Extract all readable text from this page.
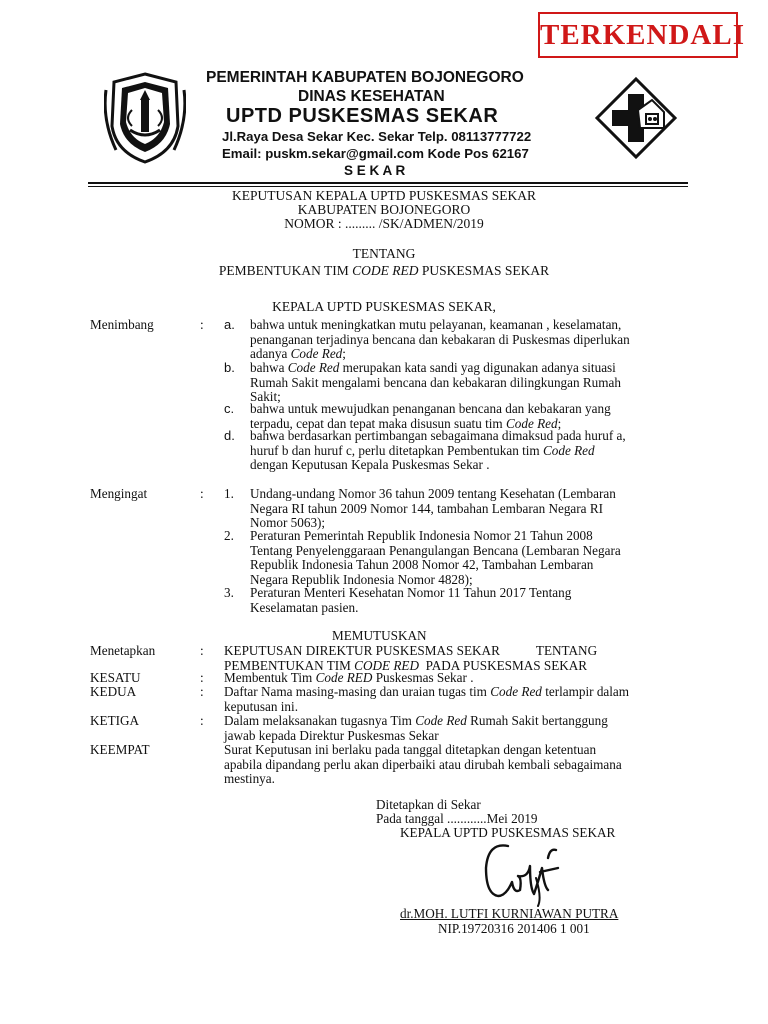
TERKENDALI
PEMERINTAH KABUPATEN BOJONEGORO
DINAS KESEHATAN
UPTD PUSKESMAS SEKAR
Jl.Raya Desa Sekar Kec. Sekar Telp. 08113777722
Email: puskm.sekar@gmail.com Kode Pos 62167
S E K A R
KEPUTUSAN KEPALA UPTD PUSKESMAS SEKAR
KABUPATEN BOJONEGORO
NOMOR : ......... /SK/ADMEN/2019
TENTANG
PEMBENTUKAN TIM CODE RED PUSKESMAS SEKAR
KEPALA UPTD PUSKESMAS SEKAR,
Menimbang	: a. bahwa untuk meningkatkan mutu pelayanan, keamanan , keselamatan,
penanganan terjadinya bencana dan kebakaran di Puskesmas diperlukan
adanya Code Red;
b. bahwa Code Red merupakan kata sandi yag digunakan adanya situasi
Rumah Sakit mengalami bencana dan kebakaran dilingkungan Rumah
Sakit;
c. bahwa untuk mewujudkan penanganan bencana dan kebakaran yang
terpadu, cepat dan tepat maka disusun suatu tim Code Red;
d. bahwa berdasarkan pertimbangan sebagaimana dimaksud pada huruf a,
huruf b dan huruf c, perlu ditetapkan Pembentukan tim Code Red
dengan Keputusan Kepala Puskesmas Sekar .
Mengingat	: 1. Undang-undang Nomor 36 tahun 2009 tentang Kesehatan (Lembaran
Negara RI tahun 2009 Nomor 144, tambahan Lembaran Negara RI
Nomor 5063);
2. Peraturan Pemerintah Republik Indonesia Nomor 21 Tahun 2008
Tentang Penyelenggaraan Penangulangan Bencana (Lembaran Negara
Republik Indonesia Tahun 2008 Nomor 42, Tambahan Lembaran
Negara Republik Indonesia Nomor 4828);
3. Peraturan Menteri Kesehatan Nomor 11 Tahun 2017 Tentang
Keselamatan pasien.
MEMUTUSKAN
Menetapkan	: KEPUTUSAN DIREKTUR PUSKESMAS SEKAR           TENTANG
PEMBENTUKAN TIM CODE RED  PADA PUSKESMAS SEKAR
KESATU	: Membentuk Tim Code RED Puskesmas Sekar .
KEDUA	: Daftar Nama masing-masing dan uraian tugas tim Code Red terlampir dalam
keputusan ini.
KETIGA	: Dalam melaksanakan tugasnya Tim Code Red Rumah Sakit bertanggung
jawab kepada Direktur Puskesmas Sekar
KEEMPAT	Surat Keputusan ini berlaku pada tanggal ditetapkan dengan ketentuan
apabila dipandang perlu akan diperbaiki atau dirubah kembali sebagaimana
mestinya.
Ditetapkan di Sekar
Pada tanggal ............Mei 2019
KEPALA UPTD PUSKESMAS SEKAR
dr.MOH. LUTFI KURNIAWAN PUTRA
NIP.19720316 201406 1 001
